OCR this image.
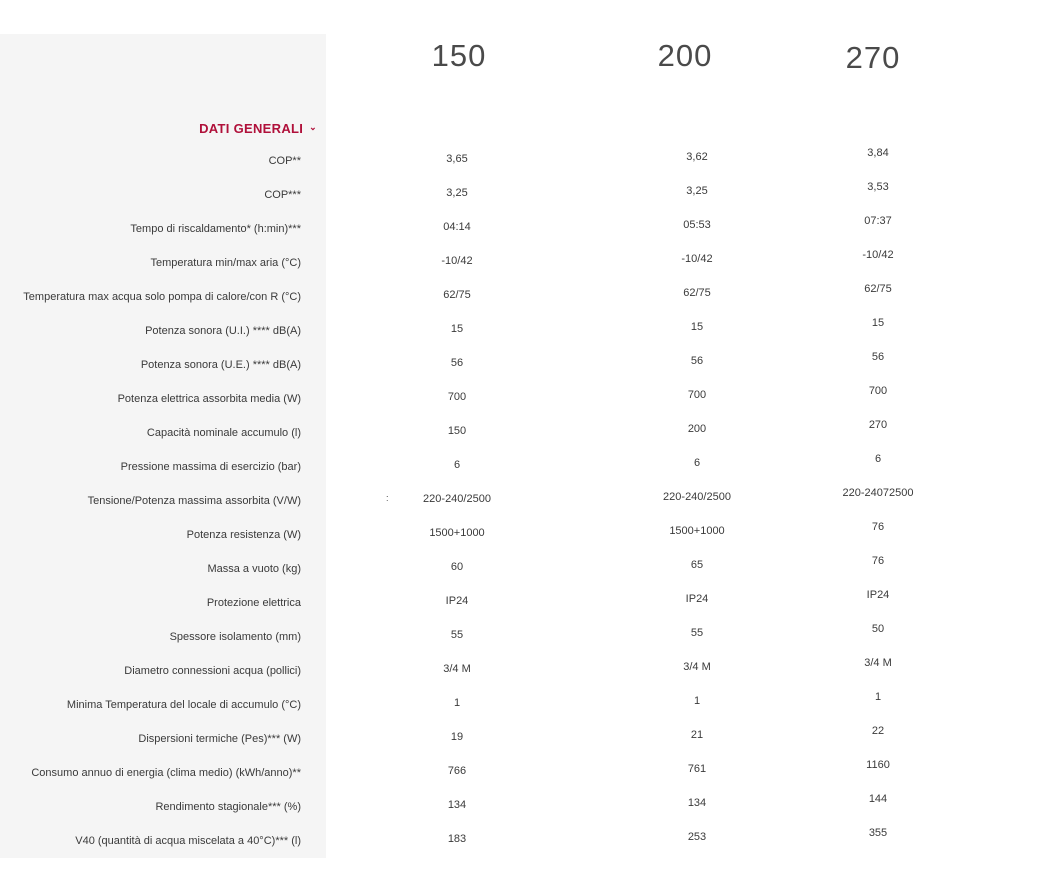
150	200	270
DATI GENERALI ⌄
:
COP**	3,65	3,62	3,84
COP***	3,25	3,25	3,53
Tempo di riscaldamento* (h:min)***	04:14	05:53	07:37
Temperatura min/max aria (°C)	-10/42	-10/42	-10/42
Temperatura max acqua solo pompa di calore/con R (°C)	62/75	62/75	62/75
Potenza sonora (U.I.) **** dB(A)	15	15	15
Potenza sonora (U.E.) **** dB(A)	56	56	56
Potenza elettrica assorbita media (W)	700	700	700
Capacità nominale accumulo (l)	150	200	270
Pressione massima di esercizio (bar)	6	6	6
Tensione/Potenza massima assorbita (V/W)	220-240/2500	220-240/2500	220-24072500
Potenza resistenza (W)	1500+1000	1500+1000	76
Massa a vuoto (kg)	60	65	76
Protezione elettrica	IP24	IP24	IP24
Spessore isolamento (mm)	55	55	50
Diametro connessioni acqua (pollici)	3/4 M	3/4 M	3/4 M
Minima Temperatura del locale di accumulo (°C)	1	1	1
Dispersioni termiche (Pes)*** (W)	19	21	22
Consumo annuo di energia (clima medio) (kWh/anno)**	766	761	1160
Rendimento stagionale*** (%)	134	134	144
V40 (quantità di acqua miscelata a 40°C)*** (l)	183	253	355
